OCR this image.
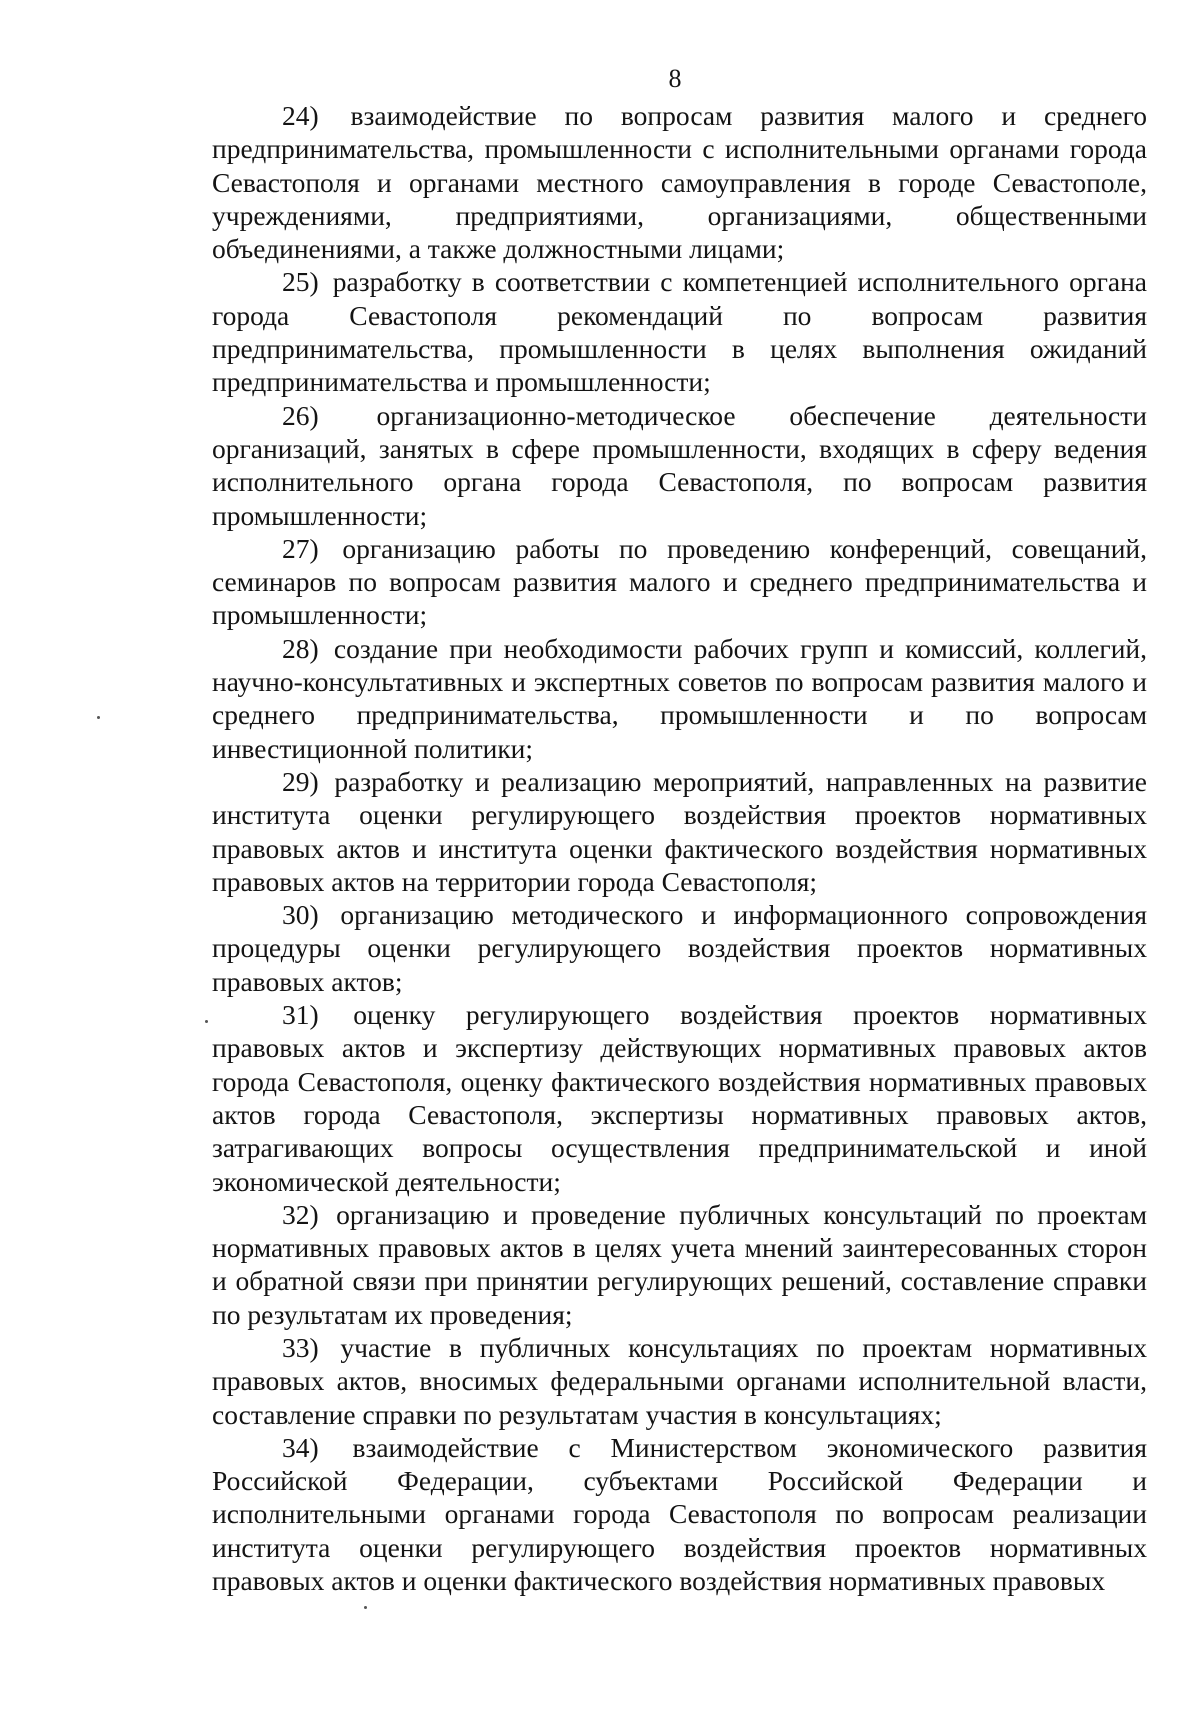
8

24) взаимодействие по вопросам развития малого и среднего предпринимательства, промышленности с исполнительными органами города Севастополя и органами местного самоуправления в городе Севастополе, учреждениями, предприятиями, организациями, общественными объединениями, а также должностными лицами;

25) разработку в соответствии с компетенцией исполнительного органа города Севастополя рекомендаций по вопросам развития предпринимательства, промышленности в целях выполнения ожиданий предпринимательства и промышленности;

26) организационно-методическое обеспечение деятельности организаций, занятых в сфере промышленности, входящих в сферу ведения исполнительного органа города Севастополя, по вопросам развития промышленности;

27) организацию работы по проведению конференций, совещаний, семинаров по вопросам развития малого и среднего предпринимательства и промышленности;

28) создание при необходимости рабочих групп и комиссий, коллегий, научно-консультативных и экспертных советов по вопросам развития малого и среднего предпринимательства, промышленности и по вопросам инвестиционной политики;

29) разработку и реализацию мероприятий, направленных на развитие института оценки регулирующего воздействия проектов нормативных правовых актов и института оценки фактического воздействия нормативных правовых актов на территории города Севастополя;

30) организацию методического и информационного сопровождения процедуры оценки регулирующего воздействия проектов нормативных правовых актов;

31) оценку регулирующего воздействия проектов нормативных правовых актов и экспертизу действующих нормативных правовых актов города Севастополя, оценку фактического воздействия нормативных правовых актов города Севастополя, экспертизы нормативных правовых актов, затрагивающих вопросы осуществления предпринимательской и иной экономической деятельности;

32) организацию и проведение публичных консультаций по проектам нормативных правовых актов в целях учета мнений заинтересованных сторон и обратной связи при принятии регулирующих решений, составление справки по результатам их проведения;

33) участие в публичных консультациях по проектам нормативных правовых актов, вносимых федеральными органами исполнительной власти, составление справки по результатам участия в консультациях;

34) взаимодействие с Министерством экономического развития Российской Федерации, субъектами Российской Федерации и исполнительными органами города Севастополя по вопросам реализации института оценки регулирующего воздействия проектов нормативных правовых актов и оценки фактического воздействия нормативных правовых
